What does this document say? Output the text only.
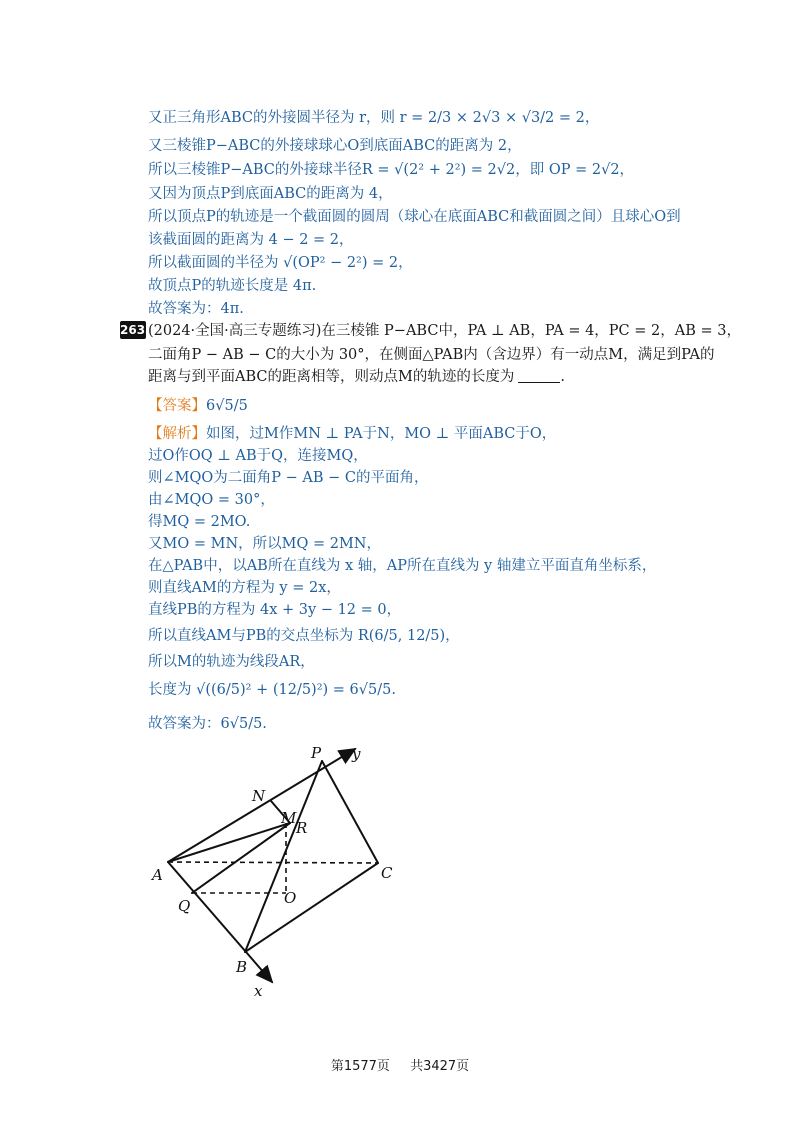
又正三角形ABC的外接圆半径为 r，则 r = 2/3 × 2√3 × √3/2 = 2，
又三棱锥P−ABC的外接球球心O到底面ABC的距离为 2，
所以三棱锥P−ABC的外接球半径R = √(2² + 2²) = 2√2，即 OP = 2√2，
又因为顶点P到底面ABC的距离为 4，
所以顶点P的轨迹是一个截面圆的圆周（球心在底面ABC和截面圆之间）且球心O到
该截面圆的距离为 4 − 2 = 2，
所以截面圆的半径为 √(OP² − 2²) = 2，
故顶点P的轨迹长度是 4π.
故答案为：4π.
2635
(2024·全国·高三专题练习)在三棱锥 P−ABC中，PA ⊥ AB，PA = 4，PC = 2，AB = 3，
二面角P − AB − C的大小为 30°，在侧面△PAB内（含边界）有一动点M，满足到PA的
距离与到平面ABC的距离相等，则动点M的轨迹的长度为	.
【答案】6√5/5
【解析】如图，过M作MN ⊥ PA于N，MO ⊥ 平面ABC于O，
过O作OQ ⊥ AB于Q，连接MQ，
则∠MQO为二面角P − AB − C的平面角，
由∠MQO = 30°，
得MQ = 2MO.
又MO = MN，所以MQ = 2MN，
在△PAB中，以AB所在直线为 x 轴，AP所在直线为 y 轴建立平面直角坐标系，
则直线AM的方程为 y = 2x，
直线PB的方程为 4x + 3y − 12 = 0，
所以直线AM与PB的交点坐标为 R(6/5, 12/5)，
所以M的轨迹为线段AR，
长度为 √((6/5)² + (12/5)²) = 6√5/5.
故答案为：6√5/5.
P y
N
M
R
A	C
Q	O
B
x
第1577页 共3427页
